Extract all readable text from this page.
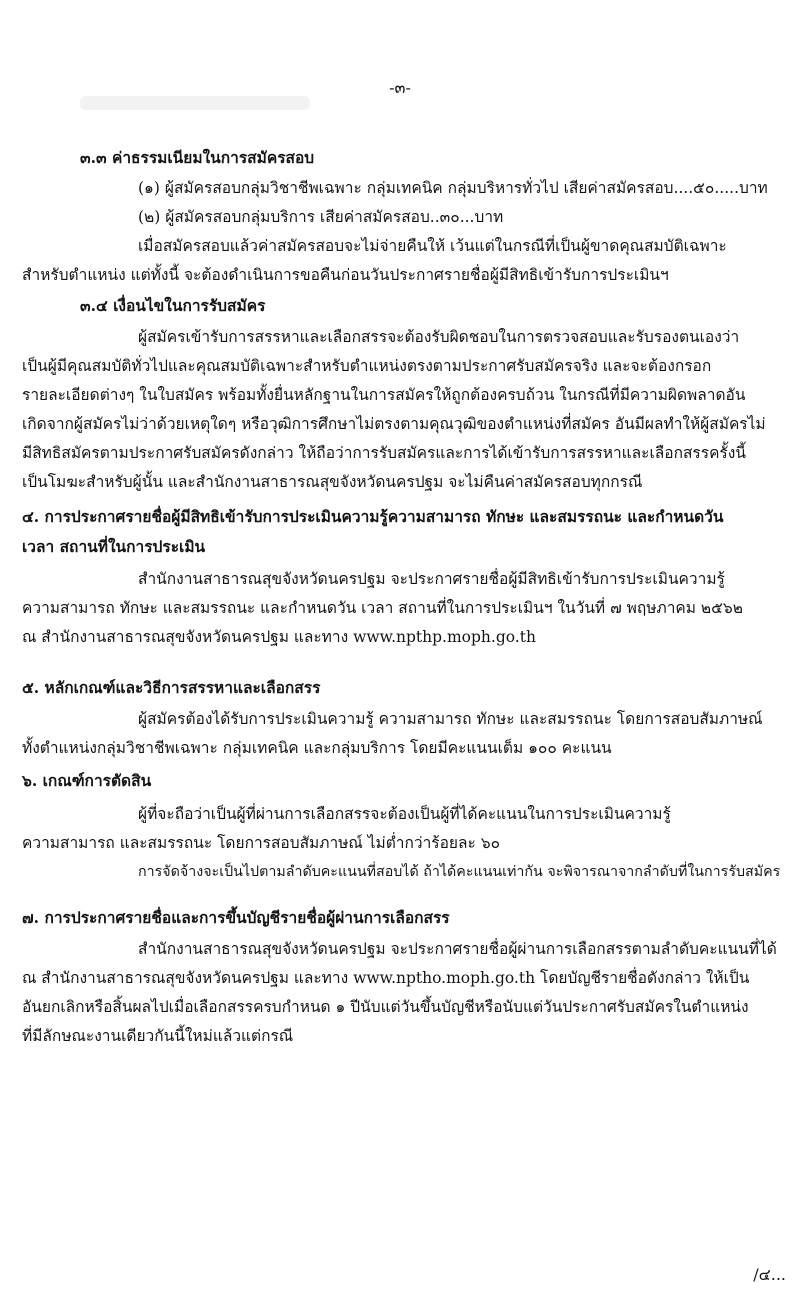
-๓-
๓.๓ ค่าธรรมเนียมในการสมัครสอบ
(๑) ผู้สมัครสอบกลุ่มวิชาชีพเฉพาะ กลุ่มเทคนิค กลุ่มบริหารทั่วไป เสียค่าสมัครสอบ....๕๐.....บาท
(๒) ผู้สมัครสอบกลุ่มบริการ เสียค่าสมัครสอบ..๓๐...บาท
เมื่อสมัครสอบแล้วค่าสมัครสอบจะไม่จ่ายคืนให้ เว้นแต่ในกรณีที่เป็นผู้ขาดคุณสมบัติเฉพาะ
สำหรับตำแหน่ง แต่ทั้งนี้ จะต้องดำเนินการขอคืนก่อนวันประกาศรายชื่อผู้มีสิทธิเข้ารับการประเมินฯ
๓.๔ เงื่อนไขในการรับสมัคร
ผู้สมัครเข้ารับการสรรหาและเลือกสรรจะต้องรับผิดชอบในการตรวจสอบและรับรองตนเองว่า
เป็นผู้มีคุณสมบัติทั่วไปและคุณสมบัติเฉพาะสำหรับตำแหน่งตรงตามประกาศรับสมัครจริง และจะต้องกรอก
รายละเอียดต่างๆ ในใบสมัคร พร้อมทั้งยื่นหลักฐานในการสมัครให้ถูกต้องครบถ้วน ในกรณีที่มีความผิดพลาดอัน
เกิดจากผู้สมัครไม่ว่าด้วยเหตุใดๆ หรือวุฒิการศึกษาไม่ตรงตามคุณวุฒิของตำแหน่งที่สมัคร อันมีผลทำให้ผู้สมัครไม่
มีสิทธิสมัครตามประกาศรับสมัครดังกล่าว ให้ถือว่าการรับสมัครและการได้เข้ารับการสรรหาและเลือกสรรครั้งนี้
เป็นโมฆะสำหรับผู้นั้น และสำนักงานสาธารณสุขจังหวัดนครปฐม จะไม่คืนค่าสมัครสอบทุกกรณี
๔. การประกาศรายชื่อผู้มีสิทธิเข้ารับการประเมินความรู้ความสามารถ ทักษะ และสมรรถนะ และกำหนดวัน
เวลา สถานที่ในการประเมิน
สำนักงานสาธารณสุขจังหวัดนครปฐม จะประกาศรายชื่อผู้มีสิทธิเข้ารับการประเมินความรู้
ความสามารถ ทักษะ และสมรรถนะ และกำหนดวัน เวลา สถานที่ในการประเมินฯ ในวันที่ ๗ พฤษภาคม ๒๕๖๒
ณ สำนักงานสาธารณสุขจังหวัดนครปฐม และทาง www.npthp.moph.go.th
๕. หลักเกณฑ์และวิธีการสรรหาและเลือกสรร
ผู้สมัครต้องได้รับการประเมินความรู้ ความสามารถ ทักษะ และสมรรถนะ โดยการสอบสัมภาษณ์
ทั้งตำแหน่งกลุ่มวิชาชีพเฉพาะ กลุ่มเทคนิค และกลุ่มบริการ โดยมีคะแนนเต็ม ๑๐๐ คะแนน
๖. เกณฑ์การตัดสิน
ผู้ที่จะถือว่าเป็นผู้ที่ผ่านการเลือกสรรจะต้องเป็นผู้ที่ได้คะแนนในการประเมินความรู้
ความสามารถ และสมรรถนะ โดยการสอบสัมภาษณ์ ไม่ต่ำกว่าร้อยละ ๖๐
การจัดจ้างจะเป็นไปตามลำดับคะแนนที่สอบได้ ถ้าได้คะแนนเท่ากัน จะพิจารณาจากลำดับที่ในการรับสมัคร
๗. การประกาศรายชื่อและการขึ้นบัญชีรายชื่อผู้ผ่านการเลือกสรร
สำนักงานสาธารณสุขจังหวัดนครปฐม จะประกาศรายชื่อผู้ผ่านการเลือกสรรตามลำดับคะแนนที่ได้
ณ สำนักงานสาธารณสุขจังหวัดนครปฐม และทาง www.nptho.moph.go.th โดยบัญชีรายชื่อดังกล่าว ให้เป็น
อันยกเลิกหรือสิ้นผลไปเมื่อเลือกสรรครบกำหนด ๑ ปีนับแต่วันขึ้นบัญชีหรือนับแต่วันประกาศรับสมัครในตำแหน่ง
ที่มีลักษณะงานเดียวกันนี้ใหม่แล้วแต่กรณี
/๔...
